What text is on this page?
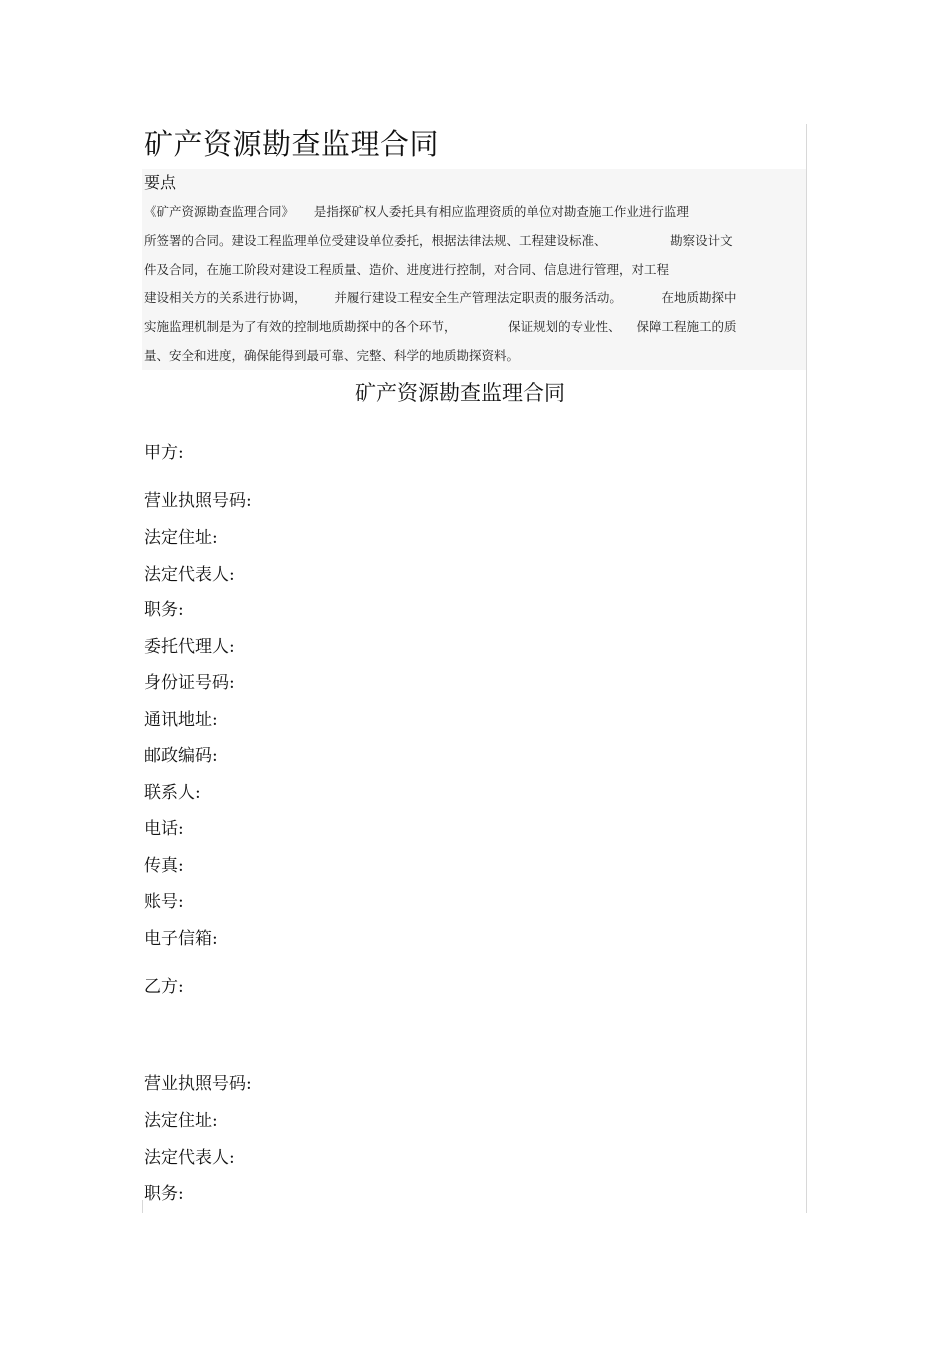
矿产资源勘查监理合同
要点
《矿产资源勘查监理合同》     是指探矿权人委托具有相应监理资质的单位对勘查施工作业进行监理
所签署的合同。建设工程监理单位受建设单位委托，根据法律法规、工程建设标准、                勘察设计文
件及合同，在施工阶段对建设工程质量、造价、进度进行控制，对合同、信息进行管理，对工程
建设相关方的关系进行协调，       并履行建设工程安全生产管理法定职责的服务活动。          在地质勘探中
实施监理机制是为了有效的控制地质勘探中的各个环节，             保证规划的专业性、    保障工程施工的质
量、安全和进度，确保能得到最可靠、完整、科学的地质勘探资料。
矿产资源勘查监理合同
甲方:
营业执照号码:
法定住址:
法定代表人:
职务:
委托代理人:
身份证号码:
通讯地址:
邮政编码:
联系人:
电话:
传真:
账号:
电子信箱:
乙方:
营业执照号码:
法定住址:
法定代表人:
职务:
